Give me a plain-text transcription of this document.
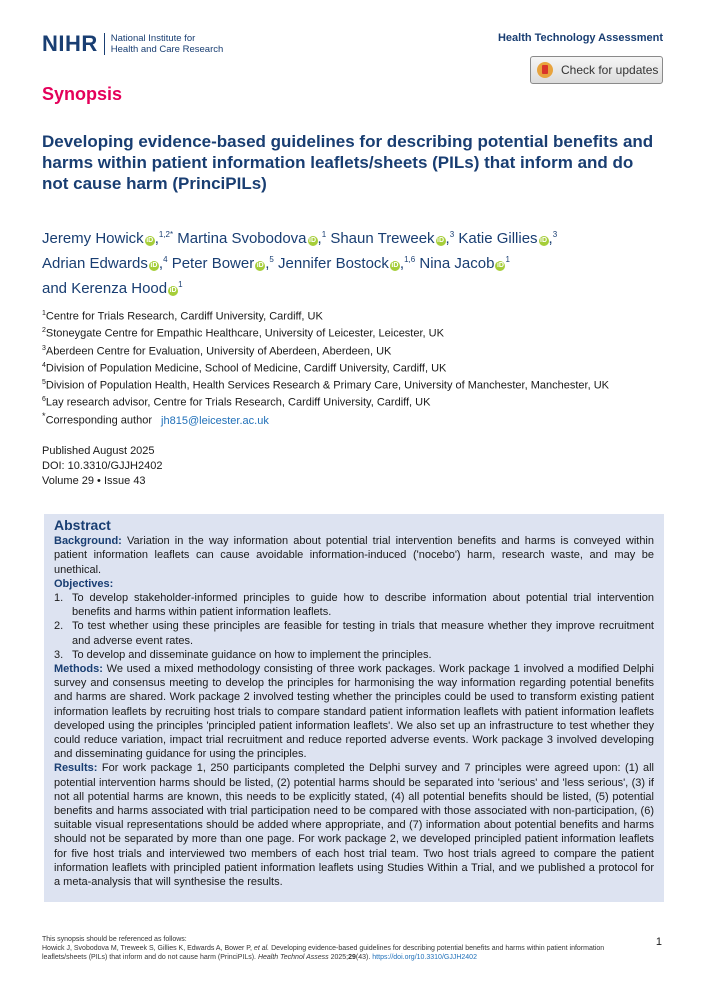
NIHR National Institute for
Health and Care Research
Health Technology Assessment
Check for updates
Synopsis
Developing evidence-based guidelines for describing potential benefits and harms within patient information leaflets/sheets (PILs) that inform and do not cause harm (PrinciPILs)
Jeremy Howick iD ,$^{1,2*}$ Martina Svobodova iD ,$^1$ Shaun Treweek iD ,$^3$ Katie Gillies iD ,$^3$
Adrian Edwards iD ,$^4$ Peter Bower iD ,$^5$ Jennifer Bostock iD ,$^{1,6}$ Nina Jacob iD$^1$
and Kerenza Hood iD$^1$
$^1$Centre for Trials Research, Cardiff University, Cardiff, UK
$^2$Stoneygate Centre for Empathic Healthcare, University of Leicester, Leicester, UK
$^3$Aberdeen Centre for Evaluation, University of Aberdeen, Aberdeen, UK
$^4$Division of Population Medicine, School of Medicine, Cardiff University, Cardiff, UK
$^5$Division of Population Health, Health Services Research & Primary Care, University of Manchester, Manchester, UK
$^6$Lay research advisor, Centre for Trials Research, Cardiff University, Cardiff, UK
*Corresponding author jh815@leicester.ac.uk
Published August 2025
DOI: 10.3310/GJJH2402
Volume 29 • Issue 43
Abstract

Background: Variation in the way information about potential trial intervention benefits and harms is conveyed within patient information leaflets can cause avoidable information-induced ('nocebo') harm, research waste, and may be unethical.

Objectives:

1. To develop stakeholder-informed principles to guide how to describe information about potential trial intervention benefits and harms within patient information leaflets.
2. To test whether using these principles are feasible for testing in trials that measure whether they improve recruitment and adverse event rates.
3. To develop and disseminate guidance on how to implement the principles.

Methods: We used a mixed methodology consisting of three work packages. Work package 1 involved a modified Delphi survey and consensus meeting to develop the principles for harmonising the way information regarding potential benefits and harms are shared. Work package 2 involved testing whether the principles could be used to transform existing patient information leaflets by recruiting host trials to compare standard patient information leaflets with patient information leaflets developed using the principles 'principled patient information leaflets'. We also set up an infrastructure to test whether they could reduce variation, impact trial recruitment and reduce reported adverse events. Work package 3 involved developing and disseminating guidance for using the principles.

Results: For work package 1, 250 participants completed the Delphi survey and 7 principles were agreed upon: (1) all potential intervention harms should be listed, (2) potential harms should be separated into 'serious' and 'less serious', (3) if not all potential harms are known, this needs to be explicitly stated, (4) all potential benefits should be listed, (5) potential benefits and harms associated with trial participation need to be compared with those associated with non-participation, (6) suitable visual representations should be added where appropriate, and (7) information about potential benefits and harms should not be separated by more than one page. For work package 2, we developed principled patient information leaflets for five host trials and interviewed two members of each host trial team. Two host trials agreed to compare the patient information leaflets with principled patient information leaflets using Studies Within a Trial, and we published a protocol for a meta-analysis that will synthesise the results.

This synopsis should be referenced as follows:
Howick J, Svobodova M, Treweek S, Gillies K, Edwards A, Bower P, et al. Developing evidence-based guidelines for describing potential benefits and harms within patient information leaflets/sheets (PILs) that inform and do not cause harm (PrinciPILs). Health Technol Assess 2025;29(43). https://doi.org/10.3310/GJJH2402
1
